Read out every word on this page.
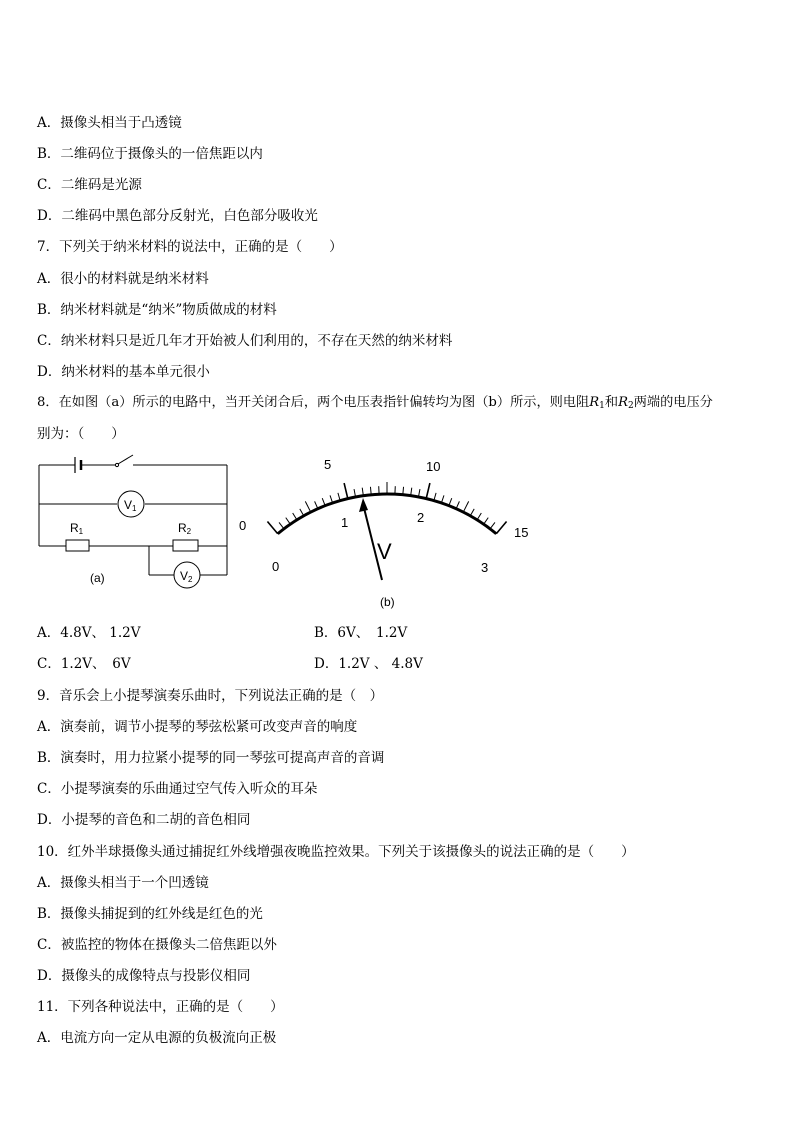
A．摄像头相当于凸透镜
B．二维码位于摄像头的一倍焦距以内
C．二维码是光源
D．二维码中黑色部分反射光，白色部分吸收光
7．下列关于纳米材料的说法中，正确的是（　　）
A．很小的材料就是纳米材料
B．纳米材料就是“纳米”物质做成的材料
C．纳米材料只是近几年才开始被人们利用的，不存在天然的纳米材料
D．纳米材料的基本单元很小
8．在如图（a）所示的电路中，当开关闭合后，两个电压表指针偏转均为图（b）所示，则电阻$R_1$和$R_2$两端的电压分
别为：（　　）
V1
V2
R1	R2
(a)
0
5	10
15
0
1	2
3
V
(b)
A．4.8V、 1.2V	B．6V、　1.2V
C．1.2V、　6V	D．1.2V 、 4.8V
9．音乐会上小提琴演奏乐曲时，下列说法正确的是（　）
A．演奏前，调节小提琴的琴弦松紧可改变声音的响度
B．演奏时，用力拉紧小提琴的同一琴弦可提高声音的音调
C．小提琴演奏的乐曲通过空气传入听众的耳朵
D．小提琴的音色和二胡的音色相同
10．红外半球摄像头通过捕捉红外线增强夜晚监控效果。下列关于该摄像头的说法正确的是（　　）
A．摄像头相当于一个凹透镜
B．摄像头捕捉到的红外线是红色的光
C．被监控的物体在摄像头二倍焦距以外
D．摄像头的成像特点与投影仪相同
11．下列各种说法中，正确的是（　　）
A．电流方向一定从电源的负极流向正极
